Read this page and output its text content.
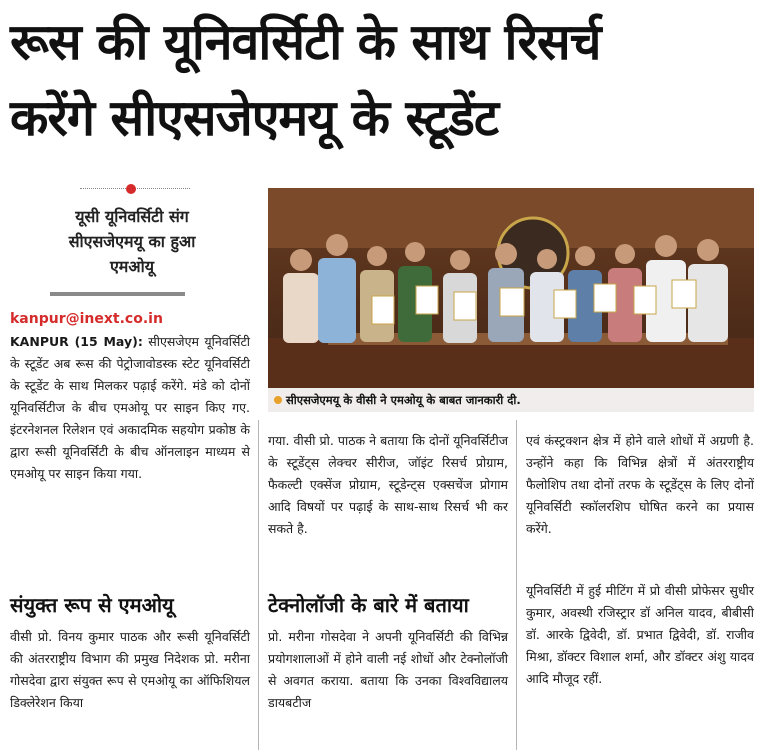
रूस की यूनिवर्सिटी के साथ रिसर्च
करेंगे सीएसजेएमयू के स्टूडेंट
यूसी यूनिवर्सिटी संग
सीएसजेएमयू का हुआ
एमओयू
सीएसजेएमयू के वीसी ने एमओयू के बाबत जानकारी दी.
kanpur@inext.co.in

KANPUR (15 May): सीएसजेएम यूनिवर्सिटी के स्टूडेंट अब रूस की पेट्रोजावोडस्क स्टेट यूनिवर्सिटी के स्टूडेंट के साथ मिलकर पढ़ाई करेंगे. मंडे को दोनों यूनिवर्सिटीज के बीच एमओयू पर साइन किए गए. इंटरनेशनल रिलेशन एवं अकादमिक सहयोग प्रकोष्ठ के द्वारा रूसी यूनिवर्सिटी के बीच ऑनलाइन माध्यम से एमओयू पर साइन किया गया.

संयुक्त रूप से एमओयू

वीसी प्रो. विनय कुमार पाठक और रूसी यूनिवर्सिटी की अंतरराष्ट्रीय विभाग की प्रमुख निदेशक प्रो. मरीना गोसदेवा द्वारा संयुक्त रूप से एमओयू का ऑफिशियल डिक्लेरेशन किया

गया. वीसी प्रो. पाठक ने बताया कि दोनों यूनिवर्सिटीज के स्टूडेंट्स लेक्चर सीरीज, जॉइंट रिसर्च प्रोग्राम, फैकल्टी एक्सेंज प्रोग्राम, स्टूडेन्ट्स एक्सचेंज प्रोगाम आदि विषयों पर पढ़ाई के साथ-साथ रिसर्च भी कर सकते है.

टेक्नोलॉजी के बारे में बताया

प्रो. मरीना गोसदेवा ने अपनी यूनिवर्सिटी की विभिन्न प्रयोगशालाओं में होने वाली नई शोधों और टेक्नोलॉजी से अवगत कराया. बताया कि उनका विश्वविद्यालय डायबटीज

एवं कंस्ट्रक्शन क्षेत्र में होने वाले शोधों में अग्रणी है. उन्होंने कहा कि विभिन्न क्षेत्रों में अंतरराष्ट्रीय फैलोशिप तथा दोनों तरफ के स्टूडेंट्स के लिए दोनों यूनिवर्सिटी स्कॉलरशिप घोषित करने का प्रयास करेंगे.

यूनिवर्सिटी में हुई मीटिंग में प्रो वीसी प्रोफेसर सुधीर कुमार, अवस्थी रजिस्ट्रार डॉ अनिल यादव, बीबीसी डॉ. आरके द्विवेदी, डॉ. प्रभात द्विवेदी, डॉ. राजीव मिश्रा, डॉक्टर विशाल शर्मा, और डॉक्टर अंशु यादव आदि मौजूद रहीं.
